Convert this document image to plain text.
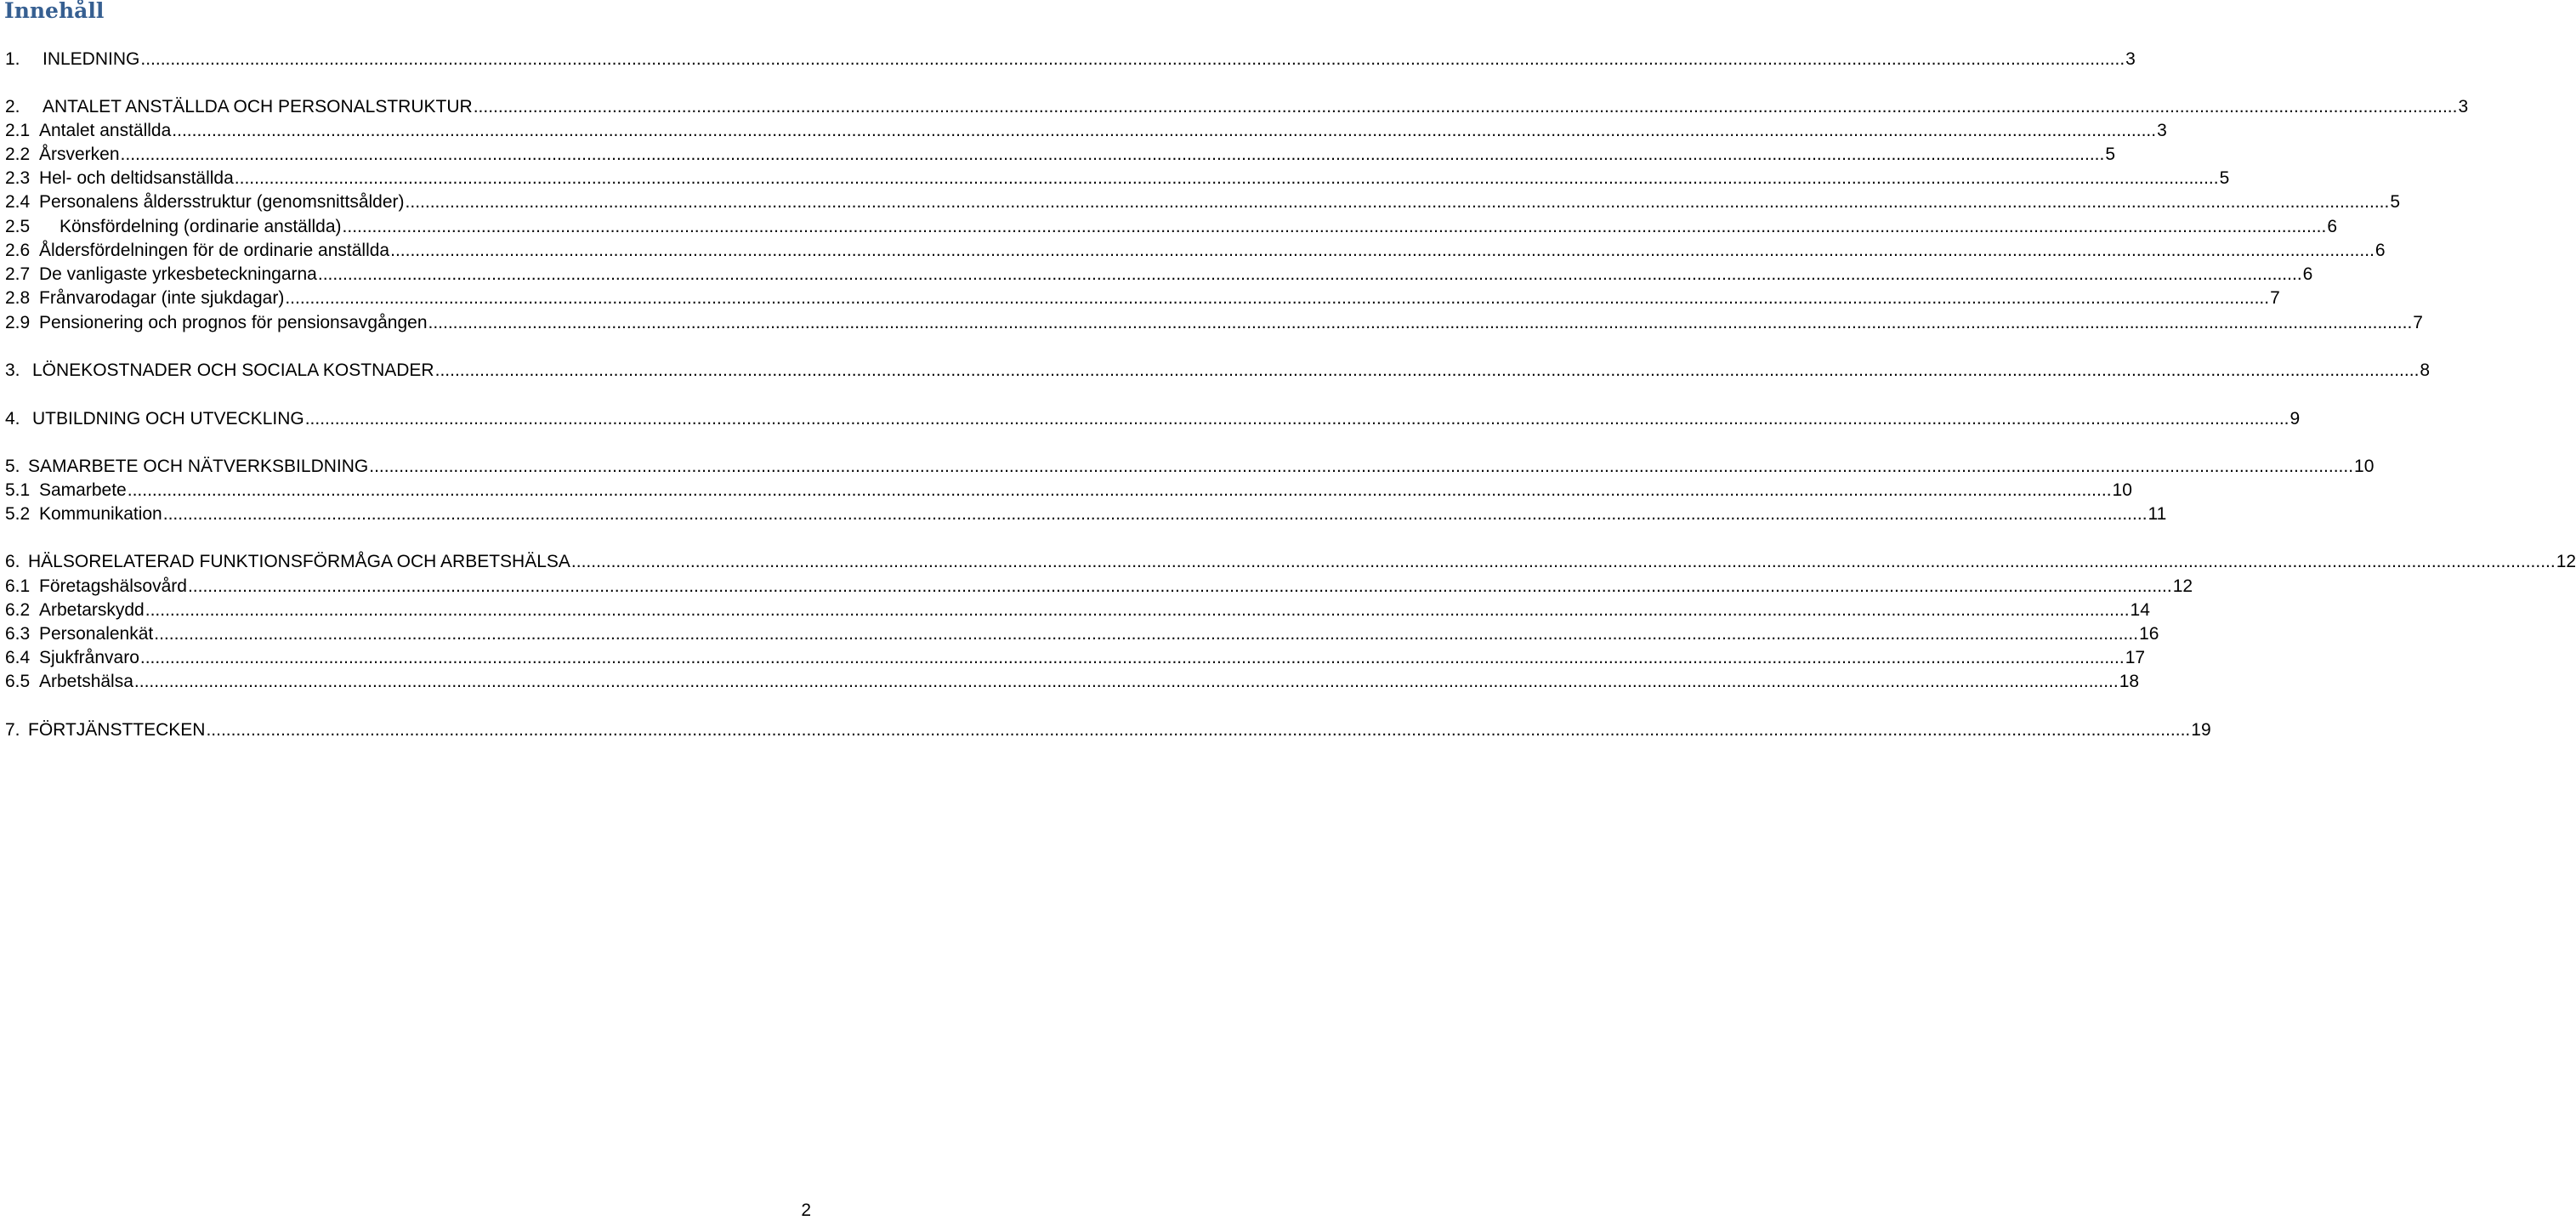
Innehåll
1.	INLEDNING ................................................................................................................................................................................................................................................................................................................................................................................................................ 3
2.	ANTALET ANSTÄLLDA OCH PERSONALSTRUKTUR ................................................................................................................................................................................................................................................................................................................................................................................................................ 3
2.1 Antalet anställda ................................................................................................................................................................................................................................................................................................................................................................................................................ 3
2.2 Årsverken ................................................................................................................................................................................................................................................................................................................................................................................................................ 5
2.3 Hel- och deltidsanställda ................................................................................................................................................................................................................................................................................................................................................................................................................ 5
2.4 Personalens åldersstruktur (genomsnittsålder) ................................................................................................................................................................................................................................................................................................................................................................................................................ 5
2.5	Könsfördelning (ordinarie anställda) ................................................................................................................................................................................................................................................................................................................................................................................................................ 6
2.6 Åldersfördelningen för de ordinarie anställda ................................................................................................................................................................................................................................................................................................................................................................................................................ 6
2.7 De vanligaste yrkesbeteckningarna ................................................................................................................................................................................................................................................................................................................................................................................................................ 6
2.8 Frånvarodagar (inte sjukdagar) ................................................................................................................................................................................................................................................................................................................................................................................................................ 7
2.9 Pensionering och prognos för pensionsavgången ................................................................................................................................................................................................................................................................................................................................................................................................................ 7
3. LÖNEKOSTNADER OCH SOCIALA KOSTNADER ................................................................................................................................................................................................................................................................................................................................................................................................................ 8
4. UTBILDNING OCH UTVECKLING ................................................................................................................................................................................................................................................................................................................................................................................................................ 9
5. SAMARBETE OCH NÄTVERKSBILDNING ................................................................................................................................................................................................................................................................................................................................................................................................................ 10
5.1 Samarbete ................................................................................................................................................................................................................................................................................................................................................................................................................ 10
5.2 Kommunikation ................................................................................................................................................................................................................................................................................................................................................................................................................ 11
6. HÄLSORELATERAD FUNKTIONSFÖRMÅGA OCH ARBETSHÄLSA ................................................................................................................................................................................................................................................................................................................................................................................................................ 12
6.1 Företagshälsovård ................................................................................................................................................................................................................................................................................................................................................................................................................ 12
6.2 Arbetarskydd ................................................................................................................................................................................................................................................................................................................................................................................................................ 14
6.3 Personalenkät ................................................................................................................................................................................................................................................................................................................................................................................................................ 16
6.4 Sjukfrånvaro ................................................................................................................................................................................................................................................................................................................................................................................................................ 17
6.5 Arbetshälsa ................................................................................................................................................................................................................................................................................................................................................................................................................ 18
7. FÖRTJÄNSTTECKEN ................................................................................................................................................................................................................................................................................................................................................................................................................ 19
2
